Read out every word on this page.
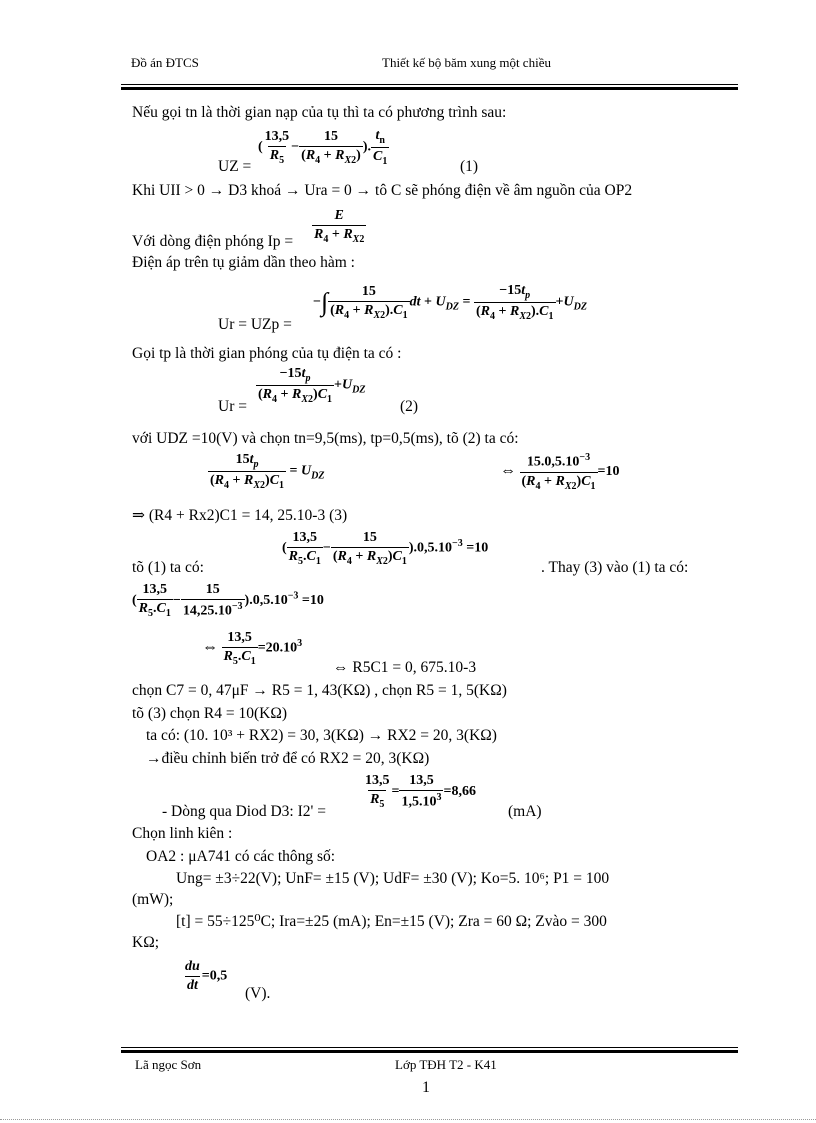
Đồ án ĐTCS	Thiết kế bộ băm xung một chiều
Nếu gọi tn là thời gian nạp của tụ thì ta có phương trình sau:
UZ =
( $\frac{13,5}{R_5} - \frac{15}{(R_4 + R_{X2})}$ ). $\frac{t_n}{C_1}$	(1)
Khi UII > 0 → D3 khoá → Ura = 0 → tô C sẽ phóng điện về âm nguồn của OP2
Với dòng điện phóng $Ip = \frac{E}{R_4 + R_{X2}}$
Điện áp trên tụ giảm dần theo hàm :
Ur = UZp =
−∫ $\frac{15}{(R_4 + R_{X2}).C_1}$ dt + $U_{DZ} = \frac{-15t_p}{(R_4 + R_{X2}).C_1} +U_{DZ}$
Gọi tp là thời gian phóng của tụ điện ta có :
Ur =
$\frac{-15t_p}{(R_4 + R_{X2})C_1} +U_{DZ}$
(2)
với UDZ =10(V) và chọn tn=9,5(ms), tp=0,5(ms), tõ (2) ta có:
$\frac{15t_p}{(R_4 + R_{X2})C_1} = U_{DZ}$	⇔ $\frac{15.0,5.10^{-3}}{(R_4 + R_{X2})C_1} =10$
⇒ (R4 + Rx2)C1 = 14, 25.10-3 (3)
( $\frac{13,5}{R_5.C_1} - \frac{15}{(R_4 + R_{X2})C_1} ).0,5.10^{-3} =10$
tõ (1) ta có:	. Thay (3) vào (1) ta có:
( $\frac{13,5}{R_5.C_1} - \frac{15}{14,25.10^{-3}} ).0,5.10^{-3} =10$
⇔ $\frac{13,5}{R_5.C_1} =20.10^3$
⇔ R5C1 = 0, 675.10-3
chọn C7 = 0, 47μF → R5 = 1, 43(KΩ) , chọn R5 = 1, 5(KΩ)
tõ (3) chọn R4 = 10(KΩ)
ta có: (10. 10³ + RX2) = 30, 3(KΩ) → RX2 = 20, 3(KΩ)
→điều chỉnh biến trở để có RX2 = 20, 3(KΩ)
- Dòng qua Diod D3: I2' =
$\frac{13,5}{R_5} = \frac{13,5}{1,5.10^3} =8,66$
(mA)
Chọn linh kiên :
OA2 : μA741 có các thông số:
Ung= ±3÷22(V); UnF= ±15 (V); UdF= ±30 (V); Ko=5. 10⁶; P1 = 100
(mW);
[t] = 55÷125⁰C; Ira=±25 (mA); En=±15 (V); Zra = 60 Ω; Zvào = 300
KΩ;
$\frac{du}{dt} =0,5$
(V).
Lã ngọc Sơn	Lớp TĐH T2 - K41
1
